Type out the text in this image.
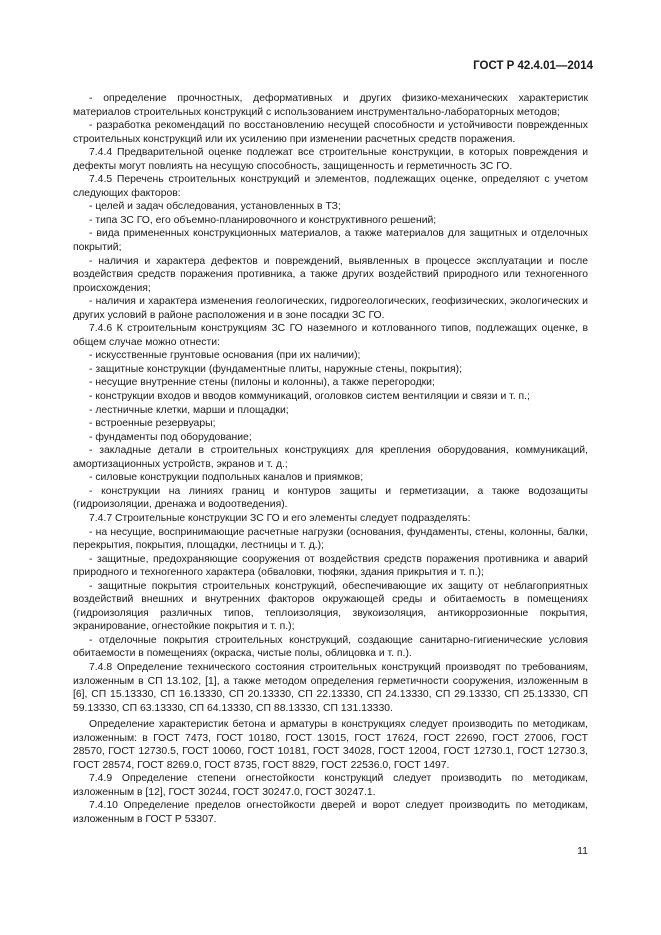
ГОСТ Р 42.4.01—2014

- определение прочностных, деформативных и других физико-механических характеристик материалов строительных конструкций с использованием инструментально-лабораторных методов;

- разработка рекомендаций по восстановлению несущей способности и устойчивости поврежденных строительных конструкций или их усилению при изменении расчетных средств поражения.

7.4.4 Предварительной оценке подлежат все строительные конструкции, в которых повреждения и дефекты могут повлиять на несущую способность, защищенность и герметичность ЗС ГО.

7.4.5 Перечень строительных конструкций и элементов, подлежащих оценке, определяют с учетом следующих факторов:

- целей и задач обследования, установленных в ТЗ;

- типа ЗС ГО, его объемно-планировочного и конструктивного решений;

- вида примененных конструкционных материалов, а также материалов для защитных и отделочных покрытий;

- наличия и характера дефектов и повреждений, выявленных в процессе эксплуатации и после воздействия средств поражения противника, а также других воздействий природного или техногенного происхождения;

- наличия и характера изменения геологических, гидрогеологических, геофизических, экологических и других условий в районе расположения и в зоне посадки ЗС ГО.

7.4.6 К строительным конструкциям ЗС ГО наземного и котлованного типов, подлежащих оценке, в общем случае можно отнести:

- искусственные грунтовые основания (при их наличии);

- защитные конструкции (фундаментные плиты, наружные стены, покрытия);

- несущие внутренние стены (пилоны и колонны), а также перегородки;

- конструкции входов и вводов коммуникаций, оголовков систем вентиляции и связи и т. п.;

- лестничные клетки, марши и площадки;

- встроенные резервуары;

- фундаменты под оборудование;

- закладные детали в строительных конструкциях для крепления оборудования, коммуникаций, амортизационных устройств, экранов и т. д.;

- силовые конструкции подпольных каналов и приямков;

- конструкции на линиях границ и контуров защиты и герметизации, а также водозащиты (гидроизоляции, дренажа и водоотведения).

7.4.7 Строительные конструкции ЗС ГО и его элементы следует подразделять:

- на несущие, воспринимающие расчетные нагрузки (основания, фундаменты, стены, колонны, балки, перекрытия, покрытия, площадки, лестницы и т. д.);

- защитные, предохраняющие сооружения от воздействия средств поражения противника и аварий природного и техногенного характера (обваловки, тюфяки, здания прикрытия и т. п.);

- защитные покрытия строительных конструкций, обеспечивающие их защиту от неблагоприятных воздействий внешних и внутренних факторов окружающей среды и обитаемость в помещениях (гидроизоляция различных типов, теплоизоляция, звукоизоляция, антикоррозионные покрытия, экранирование, огнестойкие покрытия и т. п.);

- отделочные покрытия строительных конструкций, создающие санитарно-гигиенические условия обитаемости в помещениях (окраска, чистые полы, облицовка и т. п.).

7.4.8 Определение технического состояния строительных конструкций производят по требованиям, изложенным в СП 13.102, [1], а также методом определения герметичности сооружения, изложенным в [6], СП 15.13330, СП 16.13330, СП 20.13330, СП 22.13330, СП 24.13330, СП 29.13330, СП 25.13330, СП 59.13330, СП 63.13330, СП 64.13330, СП 88.13330, СП 131.13330.

Определение характеристик бетона и арматуры в конструкциях следует производить по методикам, изложенным: в ГОСТ 7473, ГОСТ 10180, ГОСТ 13015, ГОСТ 17624, ГОСТ 22690, ГОСТ 27006, ГОСТ 28570, ГОСТ 12730.5, ГОСТ 10060, ГОСТ 10181, ГОСТ 34028, ГОСТ 12004, ГОСТ 12730.1, ГОСТ 12730.3, ГОСТ 28574, ГОСТ 8269.0, ГОСТ 8735, ГОСТ 8829, ГОСТ 22536.0, ГОСТ 1497.

7.4.9 Определение степени огнестойкости конструкций следует производить по методикам, изложенным в [12], ГОСТ 30244, ГОСТ 30247.0, ГОСТ 30247.1.

7.4.10 Определение пределов огнестойкости дверей и ворот следует производить по методикам, изложенным в ГОСТ Р 53307.

11
